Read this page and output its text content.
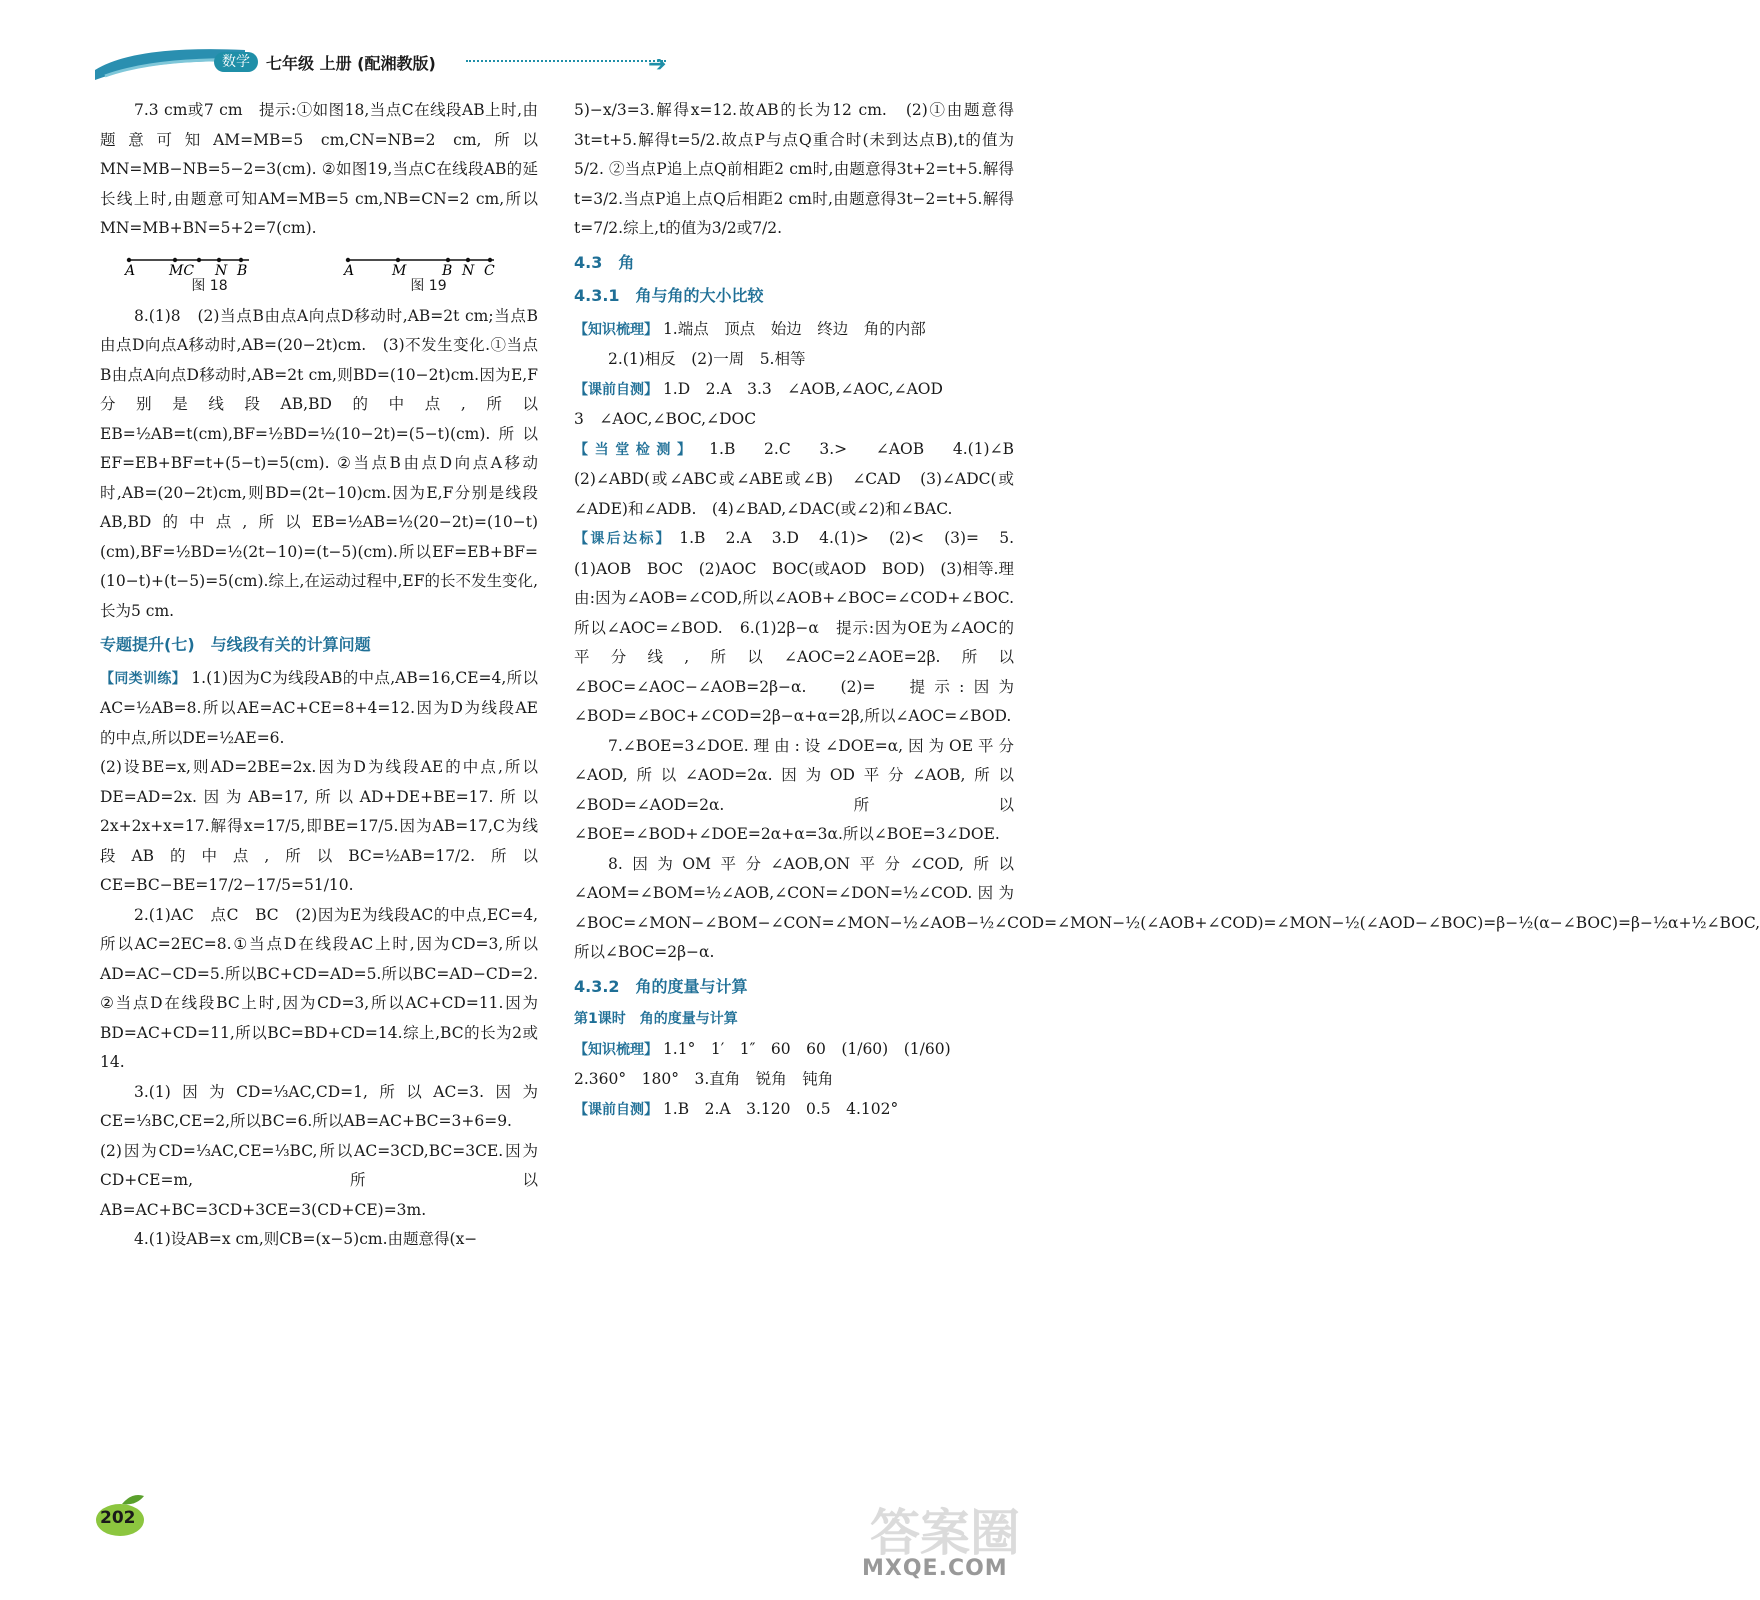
数学	七年级 上册 (配湘教版)	➔

7.3 cm或7 cm　提示:①如图18,当点C在线段AB上时,由题意可知AM=MB=5 cm,CN=NB=2 cm,所以MN=MB−NB=5−2=3(cm). ②如图19,当点C在线段AB的延长线上时,由题意可知AM=MB=5 cm,NB=CN=2 cm,所以MN=MB+BN=5+2=7(cm).

A MC N B
图 18
A	M	B N C
图 19

8.(1)8　(2)当点B由点A向点D移动时,AB=2t cm;当点B由点D向点A移动时,AB=(20−2t)cm.　(3)不发生变化.①当点B由点A向点D移动时,AB=2t cm,则BD=(10−2t)cm.因为E,F分别是线段AB,BD的中点,所以EB=½AB=t(cm),BF=½BD=½(10−2t)=(5−t)(cm).所以EF=EB+BF=t+(5−t)=5(cm). ②当点B由点D向点A移动时,AB=(20−2t)cm,则BD=(2t−10)cm.因为E,F分别是线段AB,BD的中点,所以EB=½AB=½(20−2t)=(10−t)(cm),BF=½BD=½(2t−10)=(t−5)(cm).所以EF=EB+BF=(10−t)+(t−5)=5(cm).综上,在运动过程中,EF的长不发生变化,长为5 cm.

专题提升(七)　与线段有关的计算问题

【同类训练】 1.(1)因为C为线段AB的中点,AB=16,CE=4,所以AC=½AB=8.所以AE=AC+CE=8+4=12.因为D为线段AE的中点,所以DE=½AE=6.

(2)设BE=x,则AD=2BE=2x.因为D为线段AE的中点,所以DE=AD=2x.因为AB=17,所以AD+DE+BE=17.所以2x+2x+x=17.解得x=17/5,即BE=17/5.因为AB=17,C为线段AB的中点,所以BC=½AB=17/2.所以CE=BC−BE=17/2−17/5=51/10.

2.(1)AC　点C　BC　(2)因为E为线段AC的中点,EC=4,所以AC=2EC=8.①当点D在线段AC上时,因为CD=3,所以AD=AC−CD=5.所以BC+CD=AD=5.所以BC=AD−CD=2. ②当点D在线段BC上时,因为CD=3,所以AC+CD=11.因为BD=AC+CD=11,所以BC=BD+CD=14.综上,BC的长为2或14.

3.(1)因为CD=⅓AC,CD=1,所以AC=3.因为CE=⅓BC,CE=2,所以BC=6.所以AB=AC+BC=3+6=9.

(2)因为CD=⅓AC,CE=⅓BC,所以AC=3CD,BC=3CE.因为CD+CE=m,所以AB=AC+BC=3CD+3CE=3(CD+CE)=3m.

4.(1)设AB=x cm,则CB=(x−5)cm.由题意得(x−

5)−x/3=3.解得x=12.故AB的长为12 cm.　(2)①由题意得3t=t+5.解得t=5/2.故点P与点Q重合时(未到达点B),t的值为5/2. ②当点P追上点Q前相距2 cm时,由题意得3t+2=t+5.解得t=3/2.当点P追上点Q后相距2 cm时,由题意得3t−2=t+5.解得t=7/2.综上,t的值为3/2或7/2.

4.3　角

4.3.1　角与角的大小比较

【知识梳理】 1.端点　顶点　始边　终边　角的内部

2.(1)相反　(2)一周　5.相等

【课前自测】 1.D　2.A　3.3　∠AOB,∠AOC,∠AOD

3　∠AOC,∠BOC,∠DOC

【当堂检测】 1.B　2.C　3.>　∠AOB　4.(1)∠B　(2)∠ABD(或∠ABC或∠ABE或∠B)　∠CAD　(3)∠ADC(或∠ADE)和∠ADB.　(4)∠BAD,∠DAC(或∠2)和∠BAC.

【课后达标】 1.B　2.A　3.D　4.(1)>　(2)<　(3)=　5.(1)AOB　BOC　(2)AOC　BOC(或AOD　BOD)　(3)相等.理由:因为∠AOB=∠COD,所以∠AOB+∠BOC=∠COD+∠BOC.所以∠AOC=∠BOD.　6.(1)2β−α　提示:因为OE为∠AOC的平分线,所以∠AOC=2∠AOE=2β.所以∠BOC=∠AOC−∠AOB=2β−α.　(2)=　提示:因为∠BOD=∠BOC+∠COD=2β−α+α=2β,所以∠AOC=∠BOD.

7.∠BOE=3∠DOE.理由:设∠DOE=α,因为OE平分∠AOD,所以∠AOD=2α.因为OD平分∠AOB,所以∠BOD=∠AOD=2α.所以∠BOE=∠BOD+∠DOE=2α+α=3α.所以∠BOE=3∠DOE.

8.因为OM平分∠AOB,ON平分∠COD,所以∠AOM=∠BOM=½∠AOB,∠CON=∠DON=½∠COD.因为∠BOC=∠MON−∠BOM−∠CON=∠MON−½∠AOB−½∠COD=∠MON−½(∠AOB+∠COD)=∠MON−½(∠AOD−∠BOC)=β−½(α−∠BOC)=β−½α+½∠BOC,所以∠BOC=2β−α.

4.3.2　角的度量与计算

第1课时　角的度量与计算

【知识梳理】 1.1°　1′　1″　60　60　(1/60)　(1/60)

2.360°　180°　3.直角　锐角　钝角

【课前自测】 1.B　2.A　3.120　0.5　4.102°

202	答案圈
MXQE.COM
